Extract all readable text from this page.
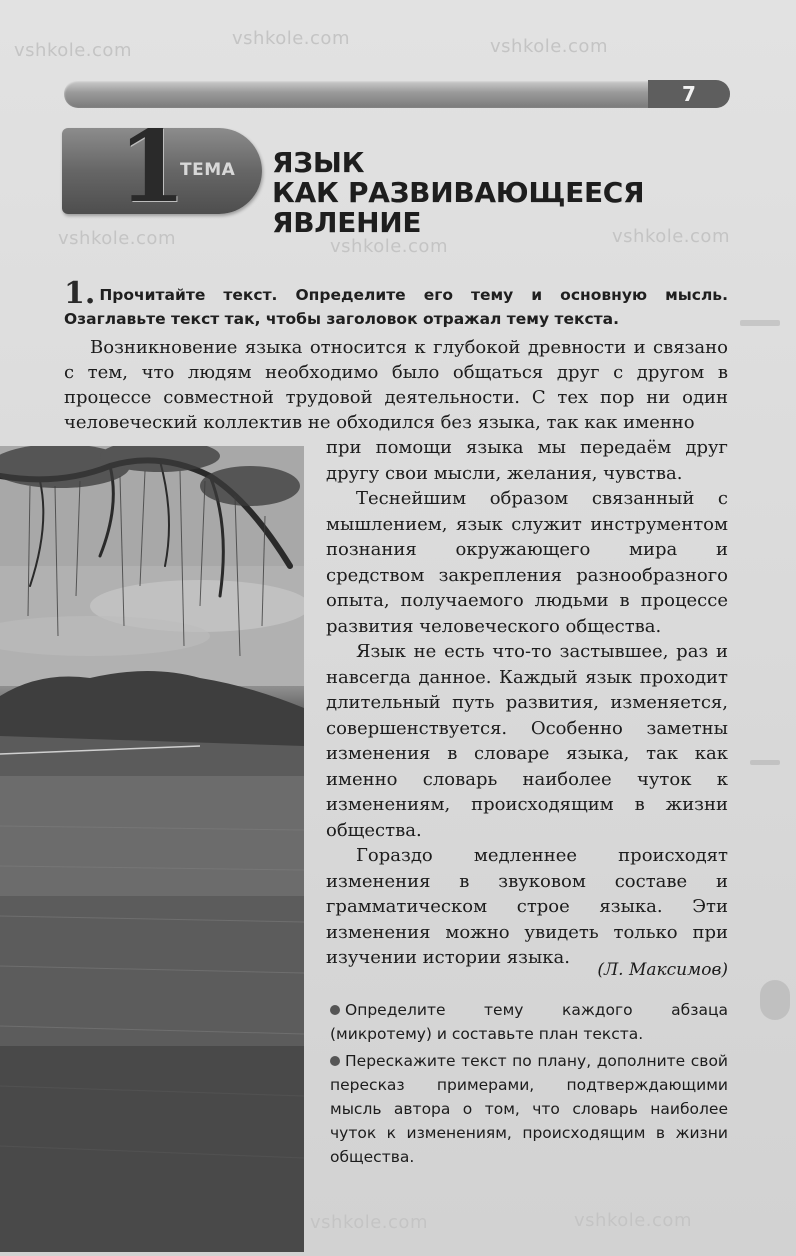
vshkole.com
vshkole.com	vshkole.com
vshkole.com
vshkole.com	vshkole.com
vshkole.com	vshkole.com
7
1
ТЕМА ЯЗЫК
КАК РАЗВИВАЮЩЕЕСЯ
ЯВЛЕНИЕ
1. Прочитайте текст. Определите его тему и основную мысль. Озаглавьте текст так, чтобы заголовок отражал тему текста.

Возникновение языка относится к глубокой древности и связано с тем, что людям необходимо было общаться друг с другом в процессе совместной трудовой деятельности. С тех пор ни один человеческий коллектив не обходился без языка, так как именно

при помощи языка мы передаём друг другу свои мысли, желания, чувства.

Теснейшим образом связанный с мышлением, язык служит инструментом познания окружающего мира и средством закрепления разнообразного опыта, получаемого людьми в процессе развития человеческого общества.

Язык не есть что-то застывшее, раз и навсегда данное. Каждый язык проходит длительный путь развития, изменяется, совершенствуется. Особенно заметны изменения в словаре языка, так как именно словарь наиболее чуток к изменениям, происходящим в жизни общества.

Гораздо медленнее происходят изменения в звуковом составе и грамматическом строе языка. Эти изменения можно увидеть только при изучении истории языка.

(Л. Максимов)
Определите тему каждого абзаца (микротему) и составьте план текста.
Перескажите текст по плану, дополните свой пересказ примерами, подтверждающими мысль автора о том, что словарь наиболее чуток к изменениям, происходящим в жизни общества.
